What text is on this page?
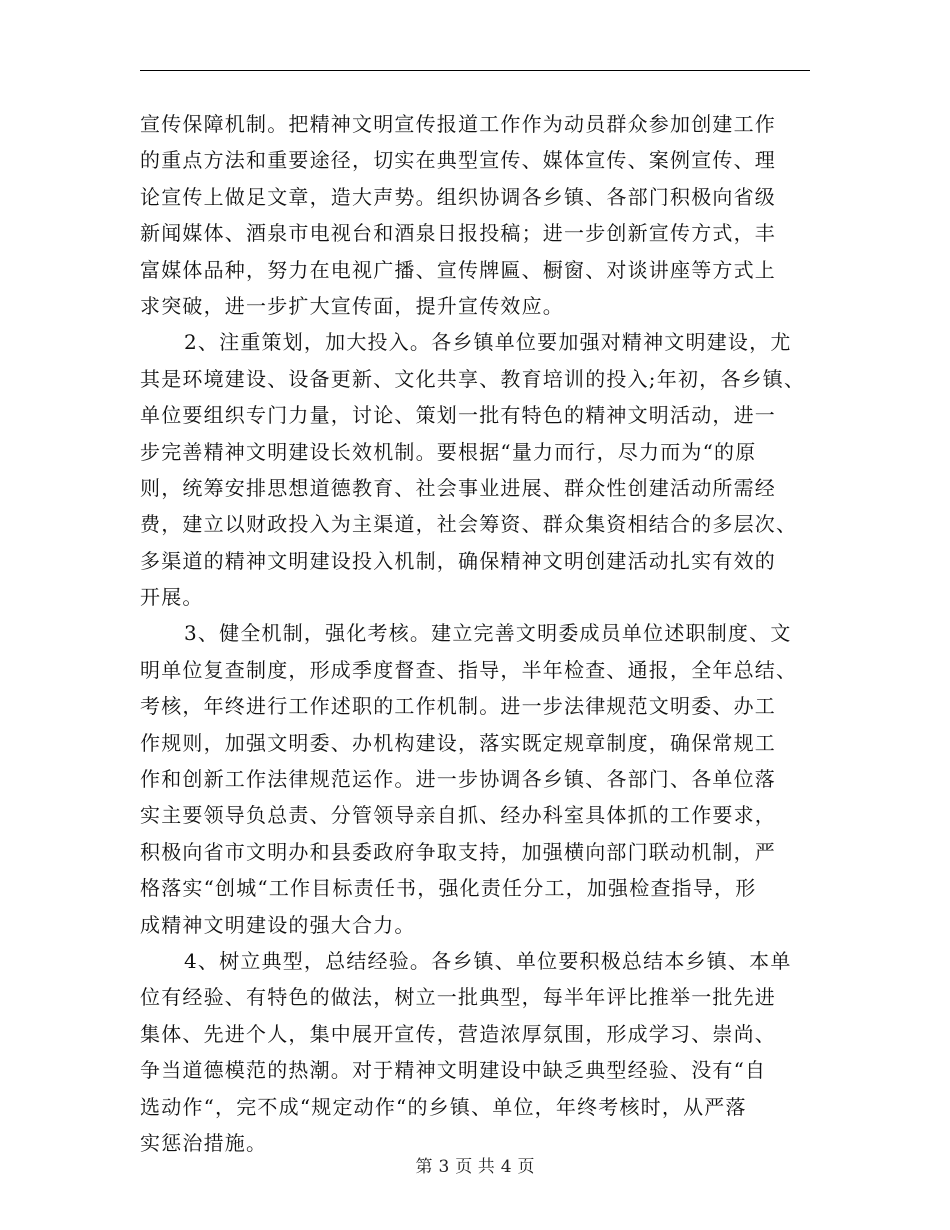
宣传保障机制。把精神文明宣传报道工作作为动员群众参加创建工作
的重点方法和重要途径，切实在典型宣传、媒体宣传、案例宣传、理
论宣传上做足文章，造大声势。组织协调各乡镇、各部门积极向省级
新闻媒体、酒泉市电视台和酒泉日报投稿；进一步创新宣传方式，丰
富媒体品种，努力在电视广播、宣传牌匾、橱窗、对谈讲座等方式上
求突破，进一步扩大宣传面，提升宣传效应。
2、注重策划，加大投入。各乡镇单位要加强对精神文明建设，尤
其是环境建设、设备更新、文化共享、教育培训的投入;年初，各乡镇、
单位要组织专门力量，讨论、策划一批有特色的精神文明活动，进一
步完善精神文明建设长效机制。要根据“量力而行，尽力而为“的原
则，统筹安排思想道德教育、社会事业进展、群众性创建活动所需经
费，建立以财政投入为主渠道，社会筹资、群众集资相结合的多层次、
多渠道的精神文明建设投入机制，确保精神文明创建活动扎实有效的
开展。
3、健全机制，强化考核。建立完善文明委成员单位述职制度、文
明单位复查制度，形成季度督查、指导，半年检查、通报，全年总结、
考核，年终进行工作述职的工作机制。进一步法律规范文明委、办工
作规则，加强文明委、办机构建设，落实既定规章制度，确保常规工
作和创新工作法律规范运作。进一步协调各乡镇、各部门、各单位落
实主要领导负总责、分管领导亲自抓、经办科室具体抓的工作要求，
积极向省市文明办和县委政府争取支持，加强横向部门联动机制，严
格落实“创城“工作目标责任书，强化责任分工，加强检查指导，形
成精神文明建设的强大合力。
4、树立典型，总结经验。各乡镇、单位要积极总结本乡镇、本单
位有经验、有特色的做法，树立一批典型，每半年评比推举一批先进
集体、先进个人，集中展开宣传，营造浓厚氛围，形成学习、崇尚、
争当道德模范的热潮。对于精神文明建设中缺乏典型经验、没有“自
选动作“，完不成“规定动作“的乡镇、单位，年终考核时，从严落
实惩治措施。
第 3 页 共 4 页
